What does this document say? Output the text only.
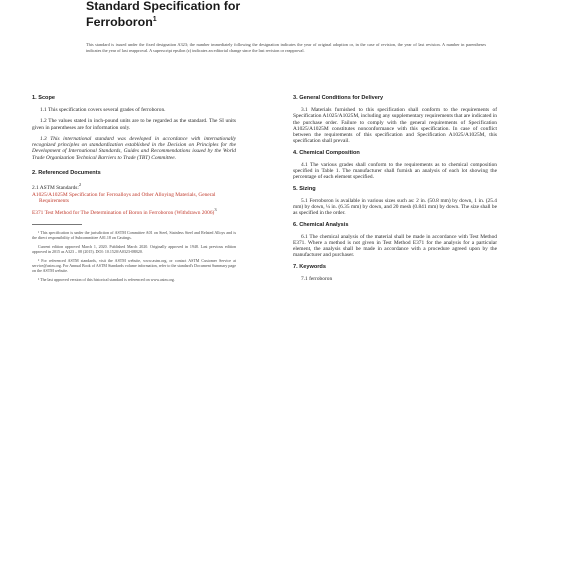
Standard Specification for
Ferroboron$^1$
This standard is issued under the fixed designation A323; the number immediately following the designation indicates the year of original adoption or, in the case of revision, the year of last revision. A number in parentheses indicates the year of last reapproval. A superscript epsilon (ε) indicates an editorial change since the last revision or reapproval.
1. Scope
1.1 This specification covers several grades of ferroboron.
1.2 The values stated in inch-pound units are to be regarded as the standard. The SI units given in parentheses are for information only.
1.3 This international standard was developed in accordance with internationally recognized principles on standardization established in the Decision on Principles for the Development of International Standards, Guides and Recommendations issued by the World Trade Organization Technical Barriers to Trade (TBT) Committee.
2. Referenced Documents
2.1 ASTM Standards:$^2$
A1025/A1025M Specification for Ferroalloys and Other Alloying Materials, General Requirements
E371 Test Method for The Determination of Boron in Ferroboron (Withdrawn 2006)$^3$
¹ This specification is under the jurisdiction of ASTM Committee A01 on Steel, Stainless Steel and Related Alloys and is the direct responsibility of Subcommittee A01.18 on Castings.
Current edition approved March 1, 2020. Published March 2020. Originally approved in 1948. Last previous edition approved in 2015 as A323 – 08 (2015). DOI: 10.1520/A0323-08R20.
² For referenced ASTM standards, visit the ASTM website, www.astm.org, or contact ASTM Customer Service at service@astm.org. For Annual Book of ASTM Standards volume information, refer to the standard's Document Summary page on the ASTM website.
³ The last approved version of this historical standard is referenced on www.astm.org.
3. General Conditions for Delivery
3.1 Materials furnished to this specification shall conform to the requirements of Specification A1025/A1025M, including any supplementary requirements that are indicated in the purchase order. Failure to comply with the general requirements of Specification A1025/A1025M constitutes nonconformance with this specification. In case of conflict between the requirements of this specification and Specification A1025/A1025M, this specification shall prevail.
4. Chemical Composition
4.1 The various grades shall conform to the requirements as to chemical composition specified in Table 1. The manufacturer shall furnish an analysis of each lot showing the percentage of each element specified.
5. Sizing
5.1 Ferroboron is available in various sizes such as: 2 in. (50.8 mm) by down, 1 in. (25.4 mm) by down, ¼ in. (6.35 mm) by down, and 20 mesh (0.841 mm) by down. The size shall be as specified in the order.
6. Chemical Analysis
6.1 The chemical analysis of the material shall be made in accordance with Test Method E371. Where a method is not given in Test Method E371 for the analysis for a particular element, the analysis shall be made in accordance with a procedure agreed upon by the manufacturer and purchaser.
7. Keywords
7.1 ferroboron
